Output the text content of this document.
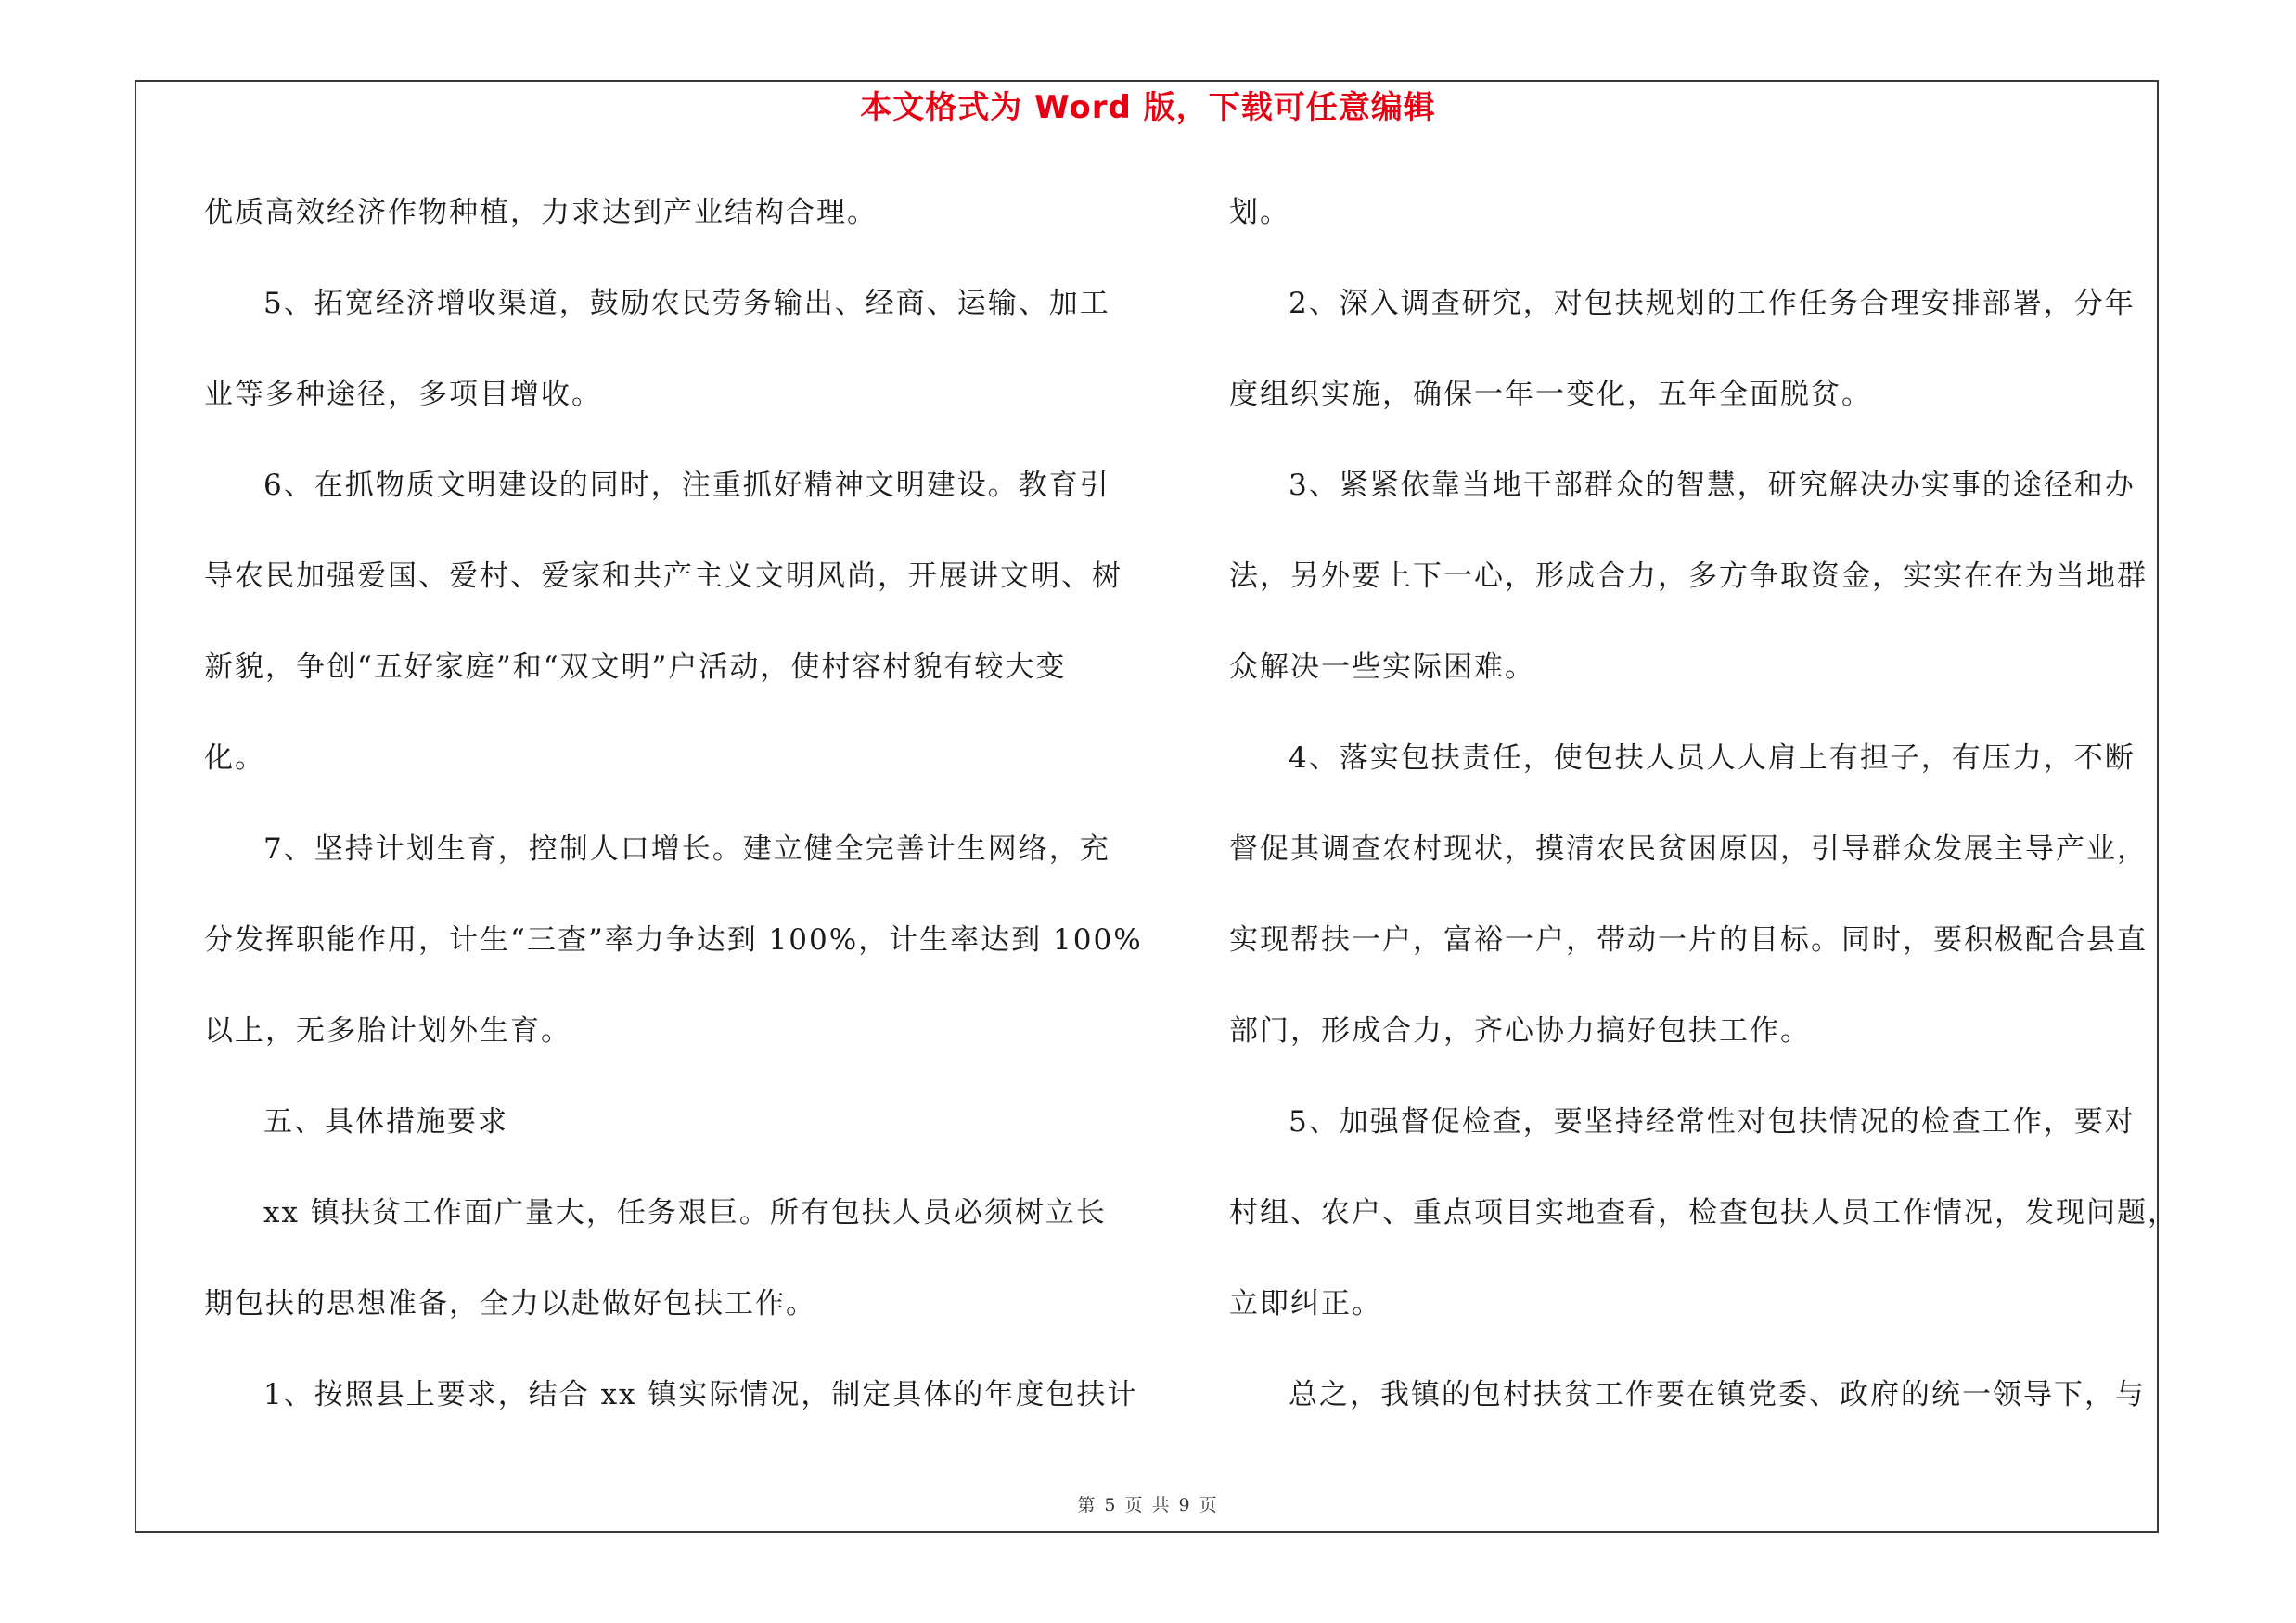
本文格式为 Word 版，下载可任意编辑
优质高效经济作物种植，力求达到产业结构合理。
5、拓宽经济增收渠道，鼓励农民劳务输出、经商、运输、加工
业等多种途径，多项目增收。
6、在抓物质文明建设的同时，注重抓好精神文明建设。教育引
导农民加强爱国、爱村、爱家和共产主义文明风尚，开展讲文明、树
新貌，争创“五好家庭”和“双文明”户活动，使村容村貌有较大变
化。
7、坚持计划生育，控制人口增长。建立健全完善计生网络，充
分发挥职能作用，计生“三查”率力争达到 100%，计生率达到 100%
以上，无多胎计划外生育。
五、具体措施要求
xx 镇扶贫工作面广量大，任务艰巨。所有包扶人员必须树立长
期包扶的思想准备，全力以赴做好包扶工作。
1、按照县上要求，结合 xx 镇实际情况，制定具体的年度包扶计
划。
2、深入调查研究，对包扶规划的工作任务合理安排部署，分年
度组织实施，确保一年一变化，五年全面脱贫。
3、紧紧依靠当地干部群众的智慧，研究解决办实事的途径和办
法，另外要上下一心，形成合力，多方争取资金，实实在在为当地群
众解决一些实际困难。
4、落实包扶责任，使包扶人员人人肩上有担子，有压力，不断
督促其调查农村现状，摸清农民贫困原因，引导群众发展主导产业，
实现帮扶一户，富裕一户，带动一片的目标。同时，要积极配合县直
部门，形成合力，齐心协力搞好包扶工作。
5、加强督促检查，要坚持经常性对包扶情况的检查工作，要对
村组、农户、重点项目实地查看，检查包扶人员工作情况，发现问题，
立即纠正。
总之，我镇的包村扶贫工作要在镇党委、政府的统一领导下，与
第 5 页 共 9 页
